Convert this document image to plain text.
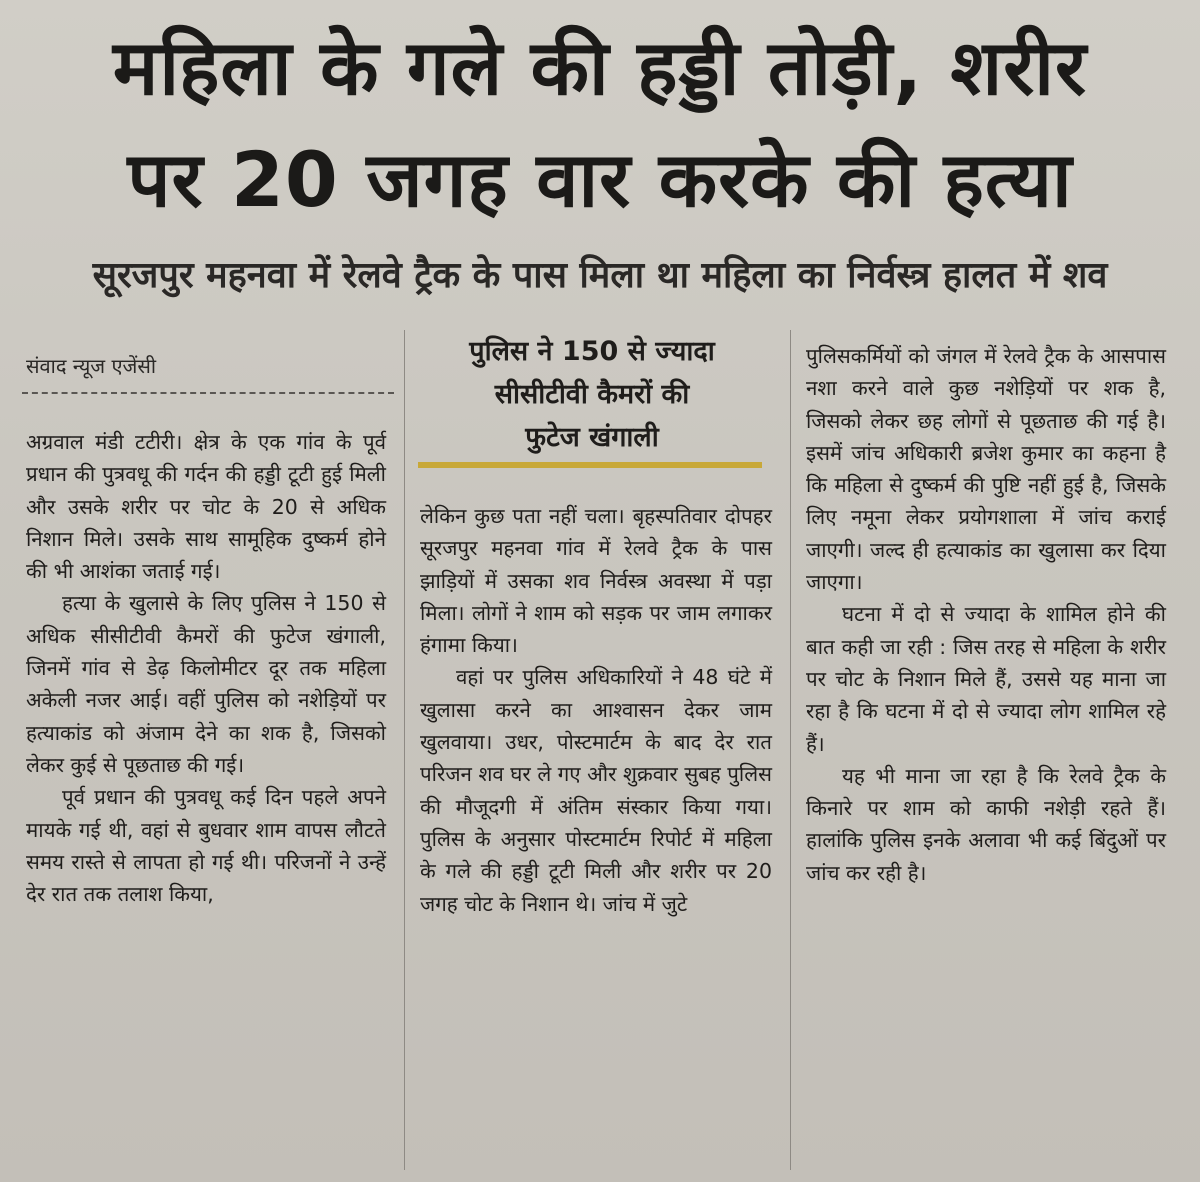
महिला के गले की हड्डी तोड़ी, शरीर
पर 20 जगह वार करके की हत्या
सूरजपुर महनवा में रेलवे ट्रैक के पास मिला था महिला का निर्वस्त्र हालत में शव
संवाद न्यूज एजेंसी	पुलिस ने 150 से ज्यादा

सीसीटीवी कैमरों की

फुटेज खंगाली

अग्रवाल मंडी टटीरी। क्षेत्र के एक गांव के पूर्व प्रधान की पुत्रवधू की गर्दन की हड्डी टूटी हुई मिली और उसके शरीर पर चोट के 20 से अधिक निशान मिले। उसके साथ सामूहिक दुष्कर्म होने की भी आशंका जताई गई।

हत्या के खुलासे के लिए पुलिस ने 150 से अधिक सीसीटीवी कैमरों की फुटेज खंगाली, जिनमें गांव से डेढ़ किलोमीटर दूर तक महिला अकेली नजर आई। वहीं पुलिस को नशेड़ियों पर हत्याकांड को अंजाम देने का शक है, जिसको लेकर कुई से पूछताछ की गई।

पूर्व प्रधान की पुत्रवधू कई दिन पहले अपने मायके गई थी, वहां से बुधवार शाम वापस लौटते समय रास्ते से लापता हो गई थी। परिजनों ने उन्हें देर रात तक तलाश किया,

लेकिन कुछ पता नहीं चला। बृहस्पतिवार दोपहर सूरजपुर महनवा गांव में रेलवे ट्रैक के पास झाड़ियों में उसका शव निर्वस्त्र अवस्था में पड़ा मिला। लोगों ने शाम को सड़क पर जाम लगाकर हंगामा किया।

वहां पर पुलिस अधिकारियों ने 48 घंटे में खुलासा करने का आश्वासन देकर जाम खुलवाया। उधर, पोस्टमार्टम के बाद देर रात परिजन शव घर ले गए और शुक्रवार सुबह पुलिस की मौजूदगी में अंतिम संस्कार किया गया। पुलिस के अनुसार पोस्टमार्टम रिपोर्ट में महिला के गले की हड्डी टूटी मिली और शरीर पर 20 जगह चोट के निशान थे। जांच में जुटे

पुलिसकर्मियों को जंगल में रेलवे ट्रैक के आसपास नशा करने वाले कुछ नशेड़ियों पर शक है, जिसको लेकर छह लोगों से पूछताछ की गई है। इसमें जांच अधिकारी ब्रजेश कुमार का कहना है कि महिला से दुष्कर्म की पुष्टि नहीं हुई है, जिसके लिए नमूना लेकर प्रयोगशाला में जांच कराई जाएगी। जल्द ही हत्याकांड का खुलासा कर दिया जाएगा।

घटना में दो से ज्यादा के शामिल होने की बात कही जा रही : जिस तरह से महिला के शरीर पर चोट के निशान मिले हैं, उससे यह माना जा रहा है कि घटना में दो से ज्यादा लोग शामिल रहे हैं।

यह भी माना जा रहा है कि रेलवे ट्रैक के किनारे पर शाम को काफी नशेड़ी रहते हैं। हालांकि पुलिस इनके अलावा भी कई बिंदुओं पर जांच कर रही है।
